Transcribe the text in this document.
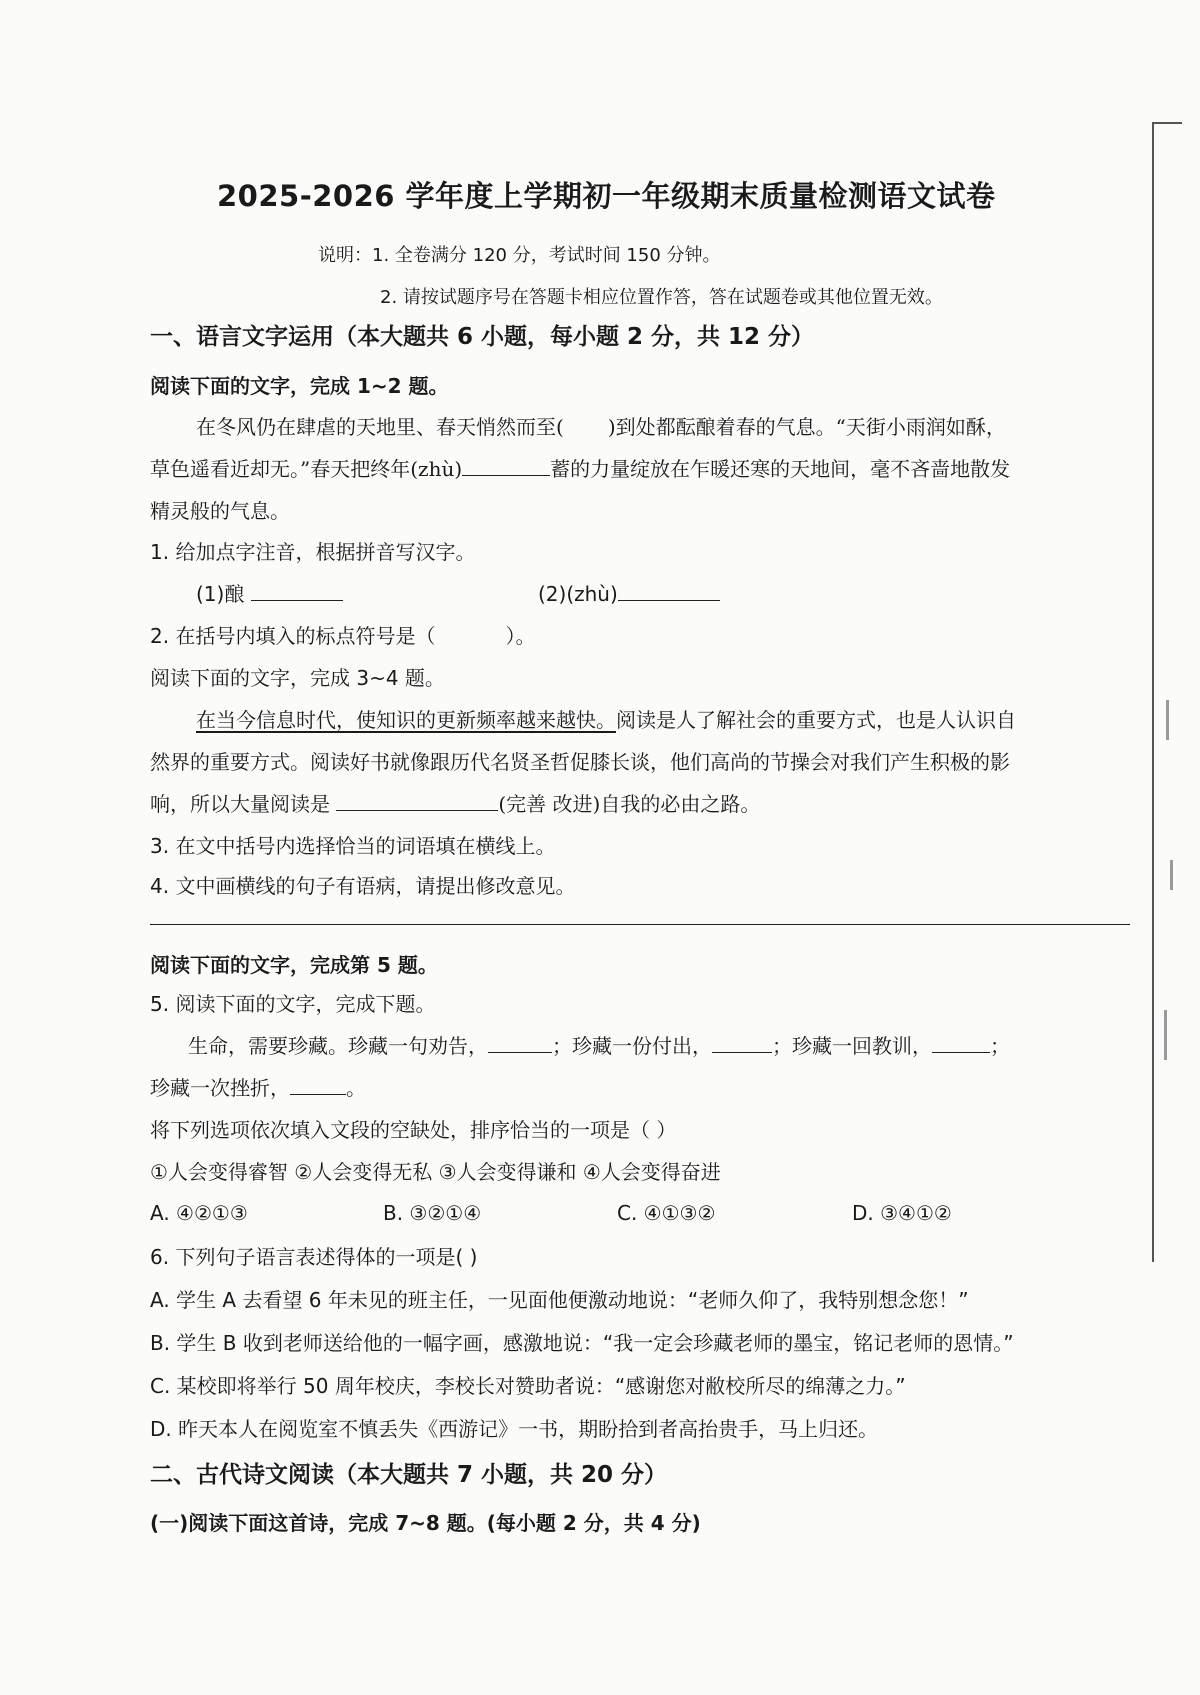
2025-2026 学年度上学期初一年级期末质量检测语文试卷
说明：1. 全卷满分 120 分，考试时间 150 分钟。
2. 请按试题序号在答题卡相应位置作答，答在试题卷或其他位置无效。
一、语言文字运用（本大题共 6 小题，每小题 2 分，共 12 分）
阅读下面的文字，完成 1~2 题。
在冬风仍在肆虐的天地里、春天悄然而至( )到处都酝酿着春的气息。“天街小雨润如酥，
草色遥看近却无。”春天把终年(zhù)	蓄的力量绽放在乍暖还寒的天地间，毫不吝啬地散发
精灵般的气息。
1. 给加点字注音，根据拼音写汉字。
(1)酿	(2)(zhù)
2. 在括号内填入的标点符号是（	）。
阅读下面的文字，完成 3~4 题。
在当今信息时代，使知识的更新频率越来越快。阅读是人了解社会的重要方式，也是人认识自
然界的重要方式。阅读好书就像跟历代名贤圣哲促膝长谈，他们高尚的节操会对我们产生积极的影
响，所以大量阅读是	(完善 改进)自我的必由之路。
3. 在文中括号内选择恰当的词语填在横线上。
4. 文中画横线的句子有语病，请提出修改意见。
阅读下面的文字，完成第 5 题。
5. 阅读下面的文字，完成下题。
生命，需要珍藏。珍藏一句劝告，	；珍藏一份付出，	；珍藏一回教训，	；
珍藏一次挫折，	。
将下列选项依次填入文段的空缺处，排序恰当的一项是（ ）
①人会变得睿智 ②人会变得无私 ③人会变得谦和 ④人会变得奋进
A. ④②①③	B. ③②①④	C. ④①③②	D. ③④①②
6. 下列句子语言表述得体的一项是( )
A. 学生 A 去看望 6 年未见的班主任，一见面他便激动地说：“老师久仰了，我特别想念您！”
B. 学生 B 收到老师送给他的一幅字画，感激地说：“我一定会珍藏老师的墨宝，铭记老师的恩情。”
C. 某校即将举行 50 周年校庆，李校长对赞助者说：“感谢您对敝校所尽的绵薄之力。”
D. 昨天本人在阅览室不慎丢失《西游记》一书，期盼拾到者高抬贵手，马上归还。
二、古代诗文阅读（本大题共 7 小题，共 20 分）
(一)阅读下面这首诗，完成 7~8 题。(每小题 2 分，共 4 分)
